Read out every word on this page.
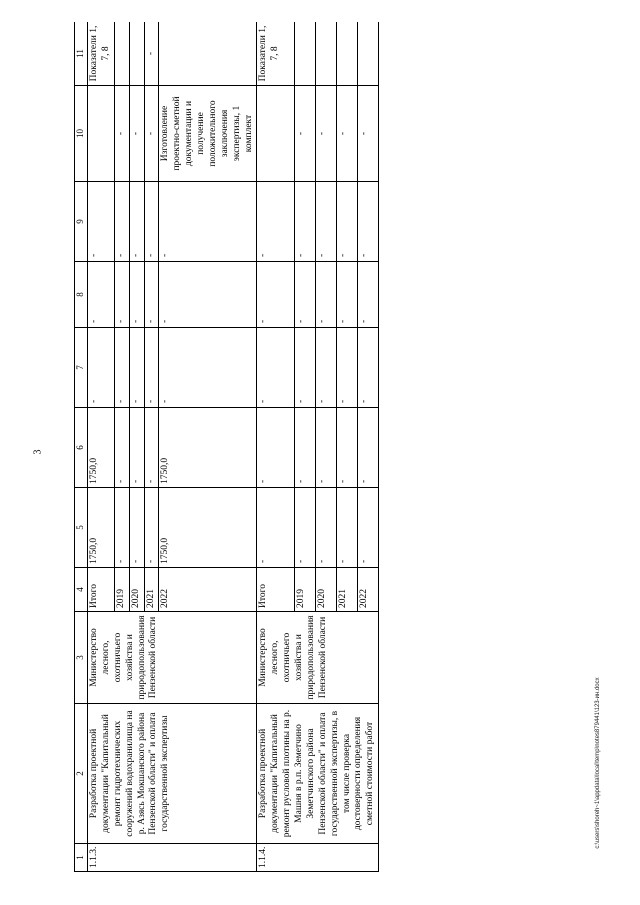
3
c:\users\shoreh~1\appdata\local\temp\notes879441\123-ин.docx
1	2	3	4	5	6	7	8	9	10	11
1.1.3.	Разработка проектной документации "Капитальный ремонт гидротехнических сооружений водохранилища на р. Азясь Мокшанского района Пензенской области" и оплата государственной экспертизы	Министерство лесного, охотничьего хозяйства и природопользования Пензенской области	Итого	1750,0	1750,0	-	-	-		Показатели 1, 7, 8
			2019	-	-	-	-	-	-	
			2020	-	-	-	-	-	-	
			2021	-	-	-	-	-	-	-
			2022	1750,0	1750,0	-	-	-	Изготовление проектно-сметной документации и получение положительного заключения экспертизы, 1 комплект	
1.1.4.	Разработка проектной документации "Капитальный ремонт русловой плотины на р. Машня в р.п. Земетчино Земетчинского района Пензенской области" и оплата государственной экспертизы, в том числе проверка достоверности определения сметной стоимости работ	Министерство лесного, охотничьего хозяйства и природопользования Пензенской области	Итого	-	-	-	-	-		Показатели 1, 7, 8
			2019	-	-	-	-	-	-	
			2020	-	-	-	-	-	-	
			2021	-	-	-	-	-	-	
			2022	-	-	-	-	-	-	
